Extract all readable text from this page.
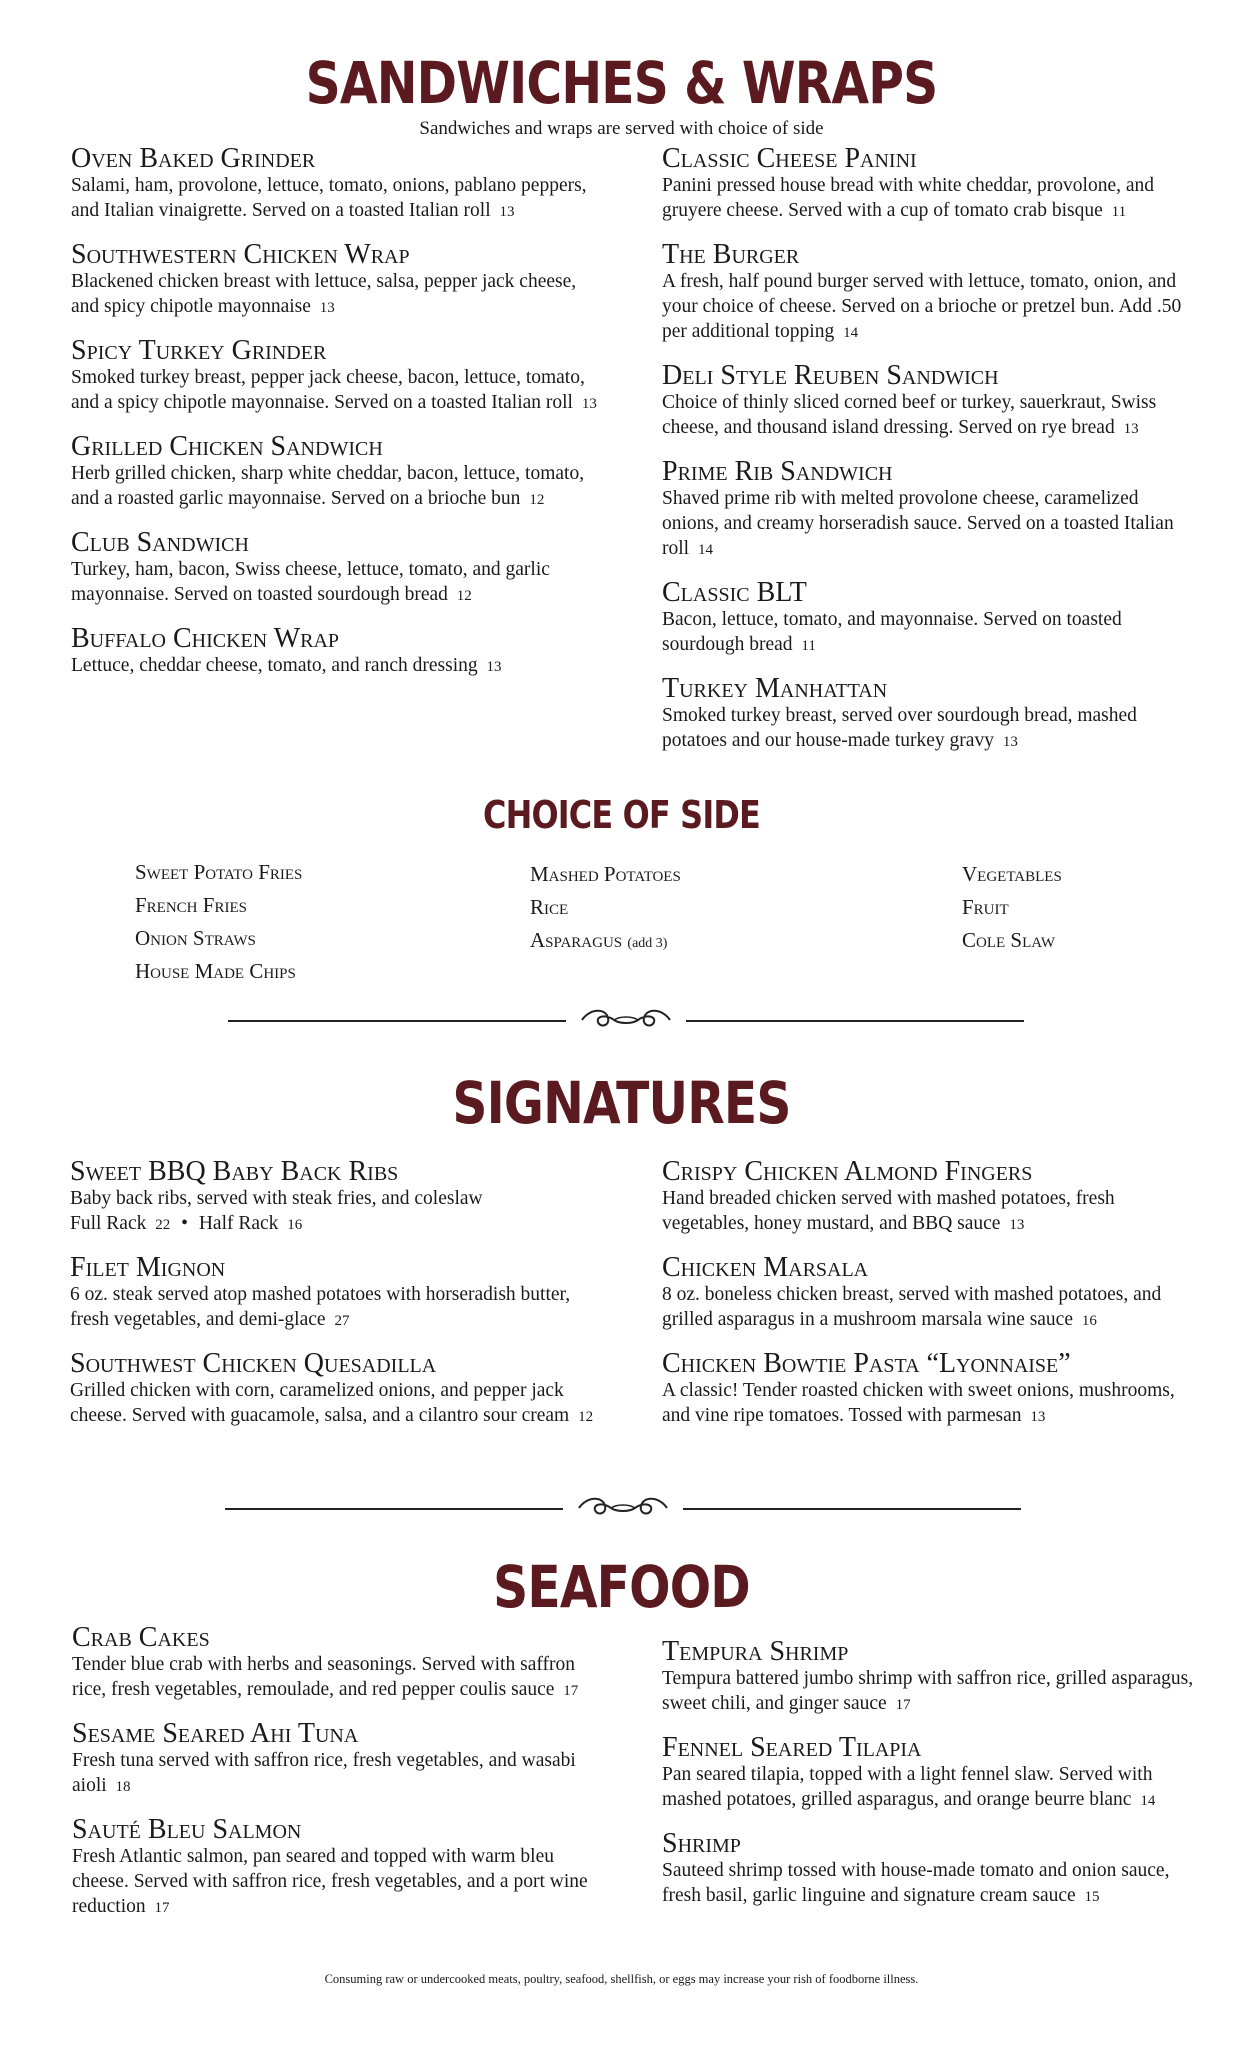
SANDWICHES & WRAPS
Sandwiches and wraps are served with choice of side
Oven Baked Grinder
Salami, ham, provolone, lettuce, tomato, onions, pablano peppers, and Italian vinaigrette. Served on a toasted Italian roll 13
Southwestern Chicken Wrap
Blackened chicken breast with lettuce, salsa, pepper jack cheese, and spicy chipotle mayonnaise 13
Spicy Turkey Grinder
Smoked turkey breast, pepper jack cheese, bacon, lettuce, tomato, and a spicy chipotle mayonnaise. Served on a toasted Italian roll 13
Grilled Chicken Sandwich
Herb grilled chicken, sharp white cheddar, bacon, lettuce, tomato, and a roasted garlic mayonnaise. Served on a brioche bun 12
Club Sandwich
Turkey, ham, bacon, Swiss cheese, lettuce, tomato, and garlic mayonnaise. Served on toasted sourdough bread 12
Buffalo Chicken Wrap
Lettuce, cheddar cheese, tomato, and ranch dressing 13
Classic Cheese Panini
Panini pressed house bread with white cheddar, provolone, and gruyere cheese. Served with a cup of tomato crab bisque 11
The Burger
A fresh, half pound burger served with lettuce, tomato, onion, and your choice of cheese. Served on a brioche or pretzel bun. Add .50 per additional topping 14
Deli Style Reuben Sandwich
Choice of thinly sliced corned beef or turkey, sauerkraut, Swiss cheese, and thousand island dressing. Served on rye bread 13
Prime Rib Sandwich
Shaved prime rib with melted provolone cheese, caramelized onions, and creamy horseradish sauce. Served on a toasted Italian roll 14
Classic BLT
Bacon, lettuce, tomato, and mayonnaise. Served on toasted sourdough bread 11
Turkey Manhattan
Smoked turkey breast, served over sourdough bread, mashed potatoes and our house-made turkey gravy 13
CHOICE OF SIDE
Sweet Potato Fries
French Fries
Onion Straws
House Made Chips
Mashed Potatoes
Rice
Asparagus (add 3)
Vegetables
Fruit
Cole Slaw
SIGNATURES
Sweet BBQ Baby Back Ribs
Baby back ribs, served with steak fries, and coleslaw
Full Rack 22 • Half Rack 16
Filet Mignon
6 oz. steak served atop mashed potatoes with horseradish butter, fresh vegetables, and demi-glace 27
Southwest Chicken Quesadilla
Grilled chicken with corn, caramelized onions, and pepper jack cheese. Served with guacamole, salsa, and a cilantro sour cream 12
Crispy Chicken Almond Fingers
Hand breaded chicken served with mashed potatoes, fresh vegetables, honey mustard, and BBQ sauce 13
Chicken Marsala
8 oz. boneless chicken breast, served with mashed potatoes, and grilled asparagus in a mushroom marsala wine sauce 16
Chicken Bowtie Pasta “Lyonnaise”
A classic! Tender roasted chicken with sweet onions, mushrooms, and vine ripe tomatoes. Tossed with parmesan 13
SEAFOOD
Crab Cakes
Tender blue crab with herbs and seasonings. Served with saffron rice, fresh vegetables, remoulade, and red pepper coulis sauce 17
Sesame Seared Ahi Tuna
Fresh tuna served with saffron rice, fresh vegetables, and wasabi aioli 18
Sauté Bleu Salmon
Fresh Atlantic salmon, pan seared and topped with warm bleu cheese. Served with saffron rice, fresh vegetables, and a port wine reduction 17
Tempura Shrimp
Tempura battered jumbo shrimp with saffron rice, grilled asparagus, sweet chili, and ginger sauce 17
Fennel Seared Tilapia
Pan seared tilapia, topped with a light fennel slaw. Served with mashed potatoes, grilled asparagus, and orange beurre blanc 14
Shrimp
Sauteed shrimp tossed with house-made tomato and onion sauce, fresh basil, garlic linguine and signature cream sauce 15
Consuming raw or undercooked meats, poultry, seafood, shellfish, or eggs may increase your rish of foodborne illness.
